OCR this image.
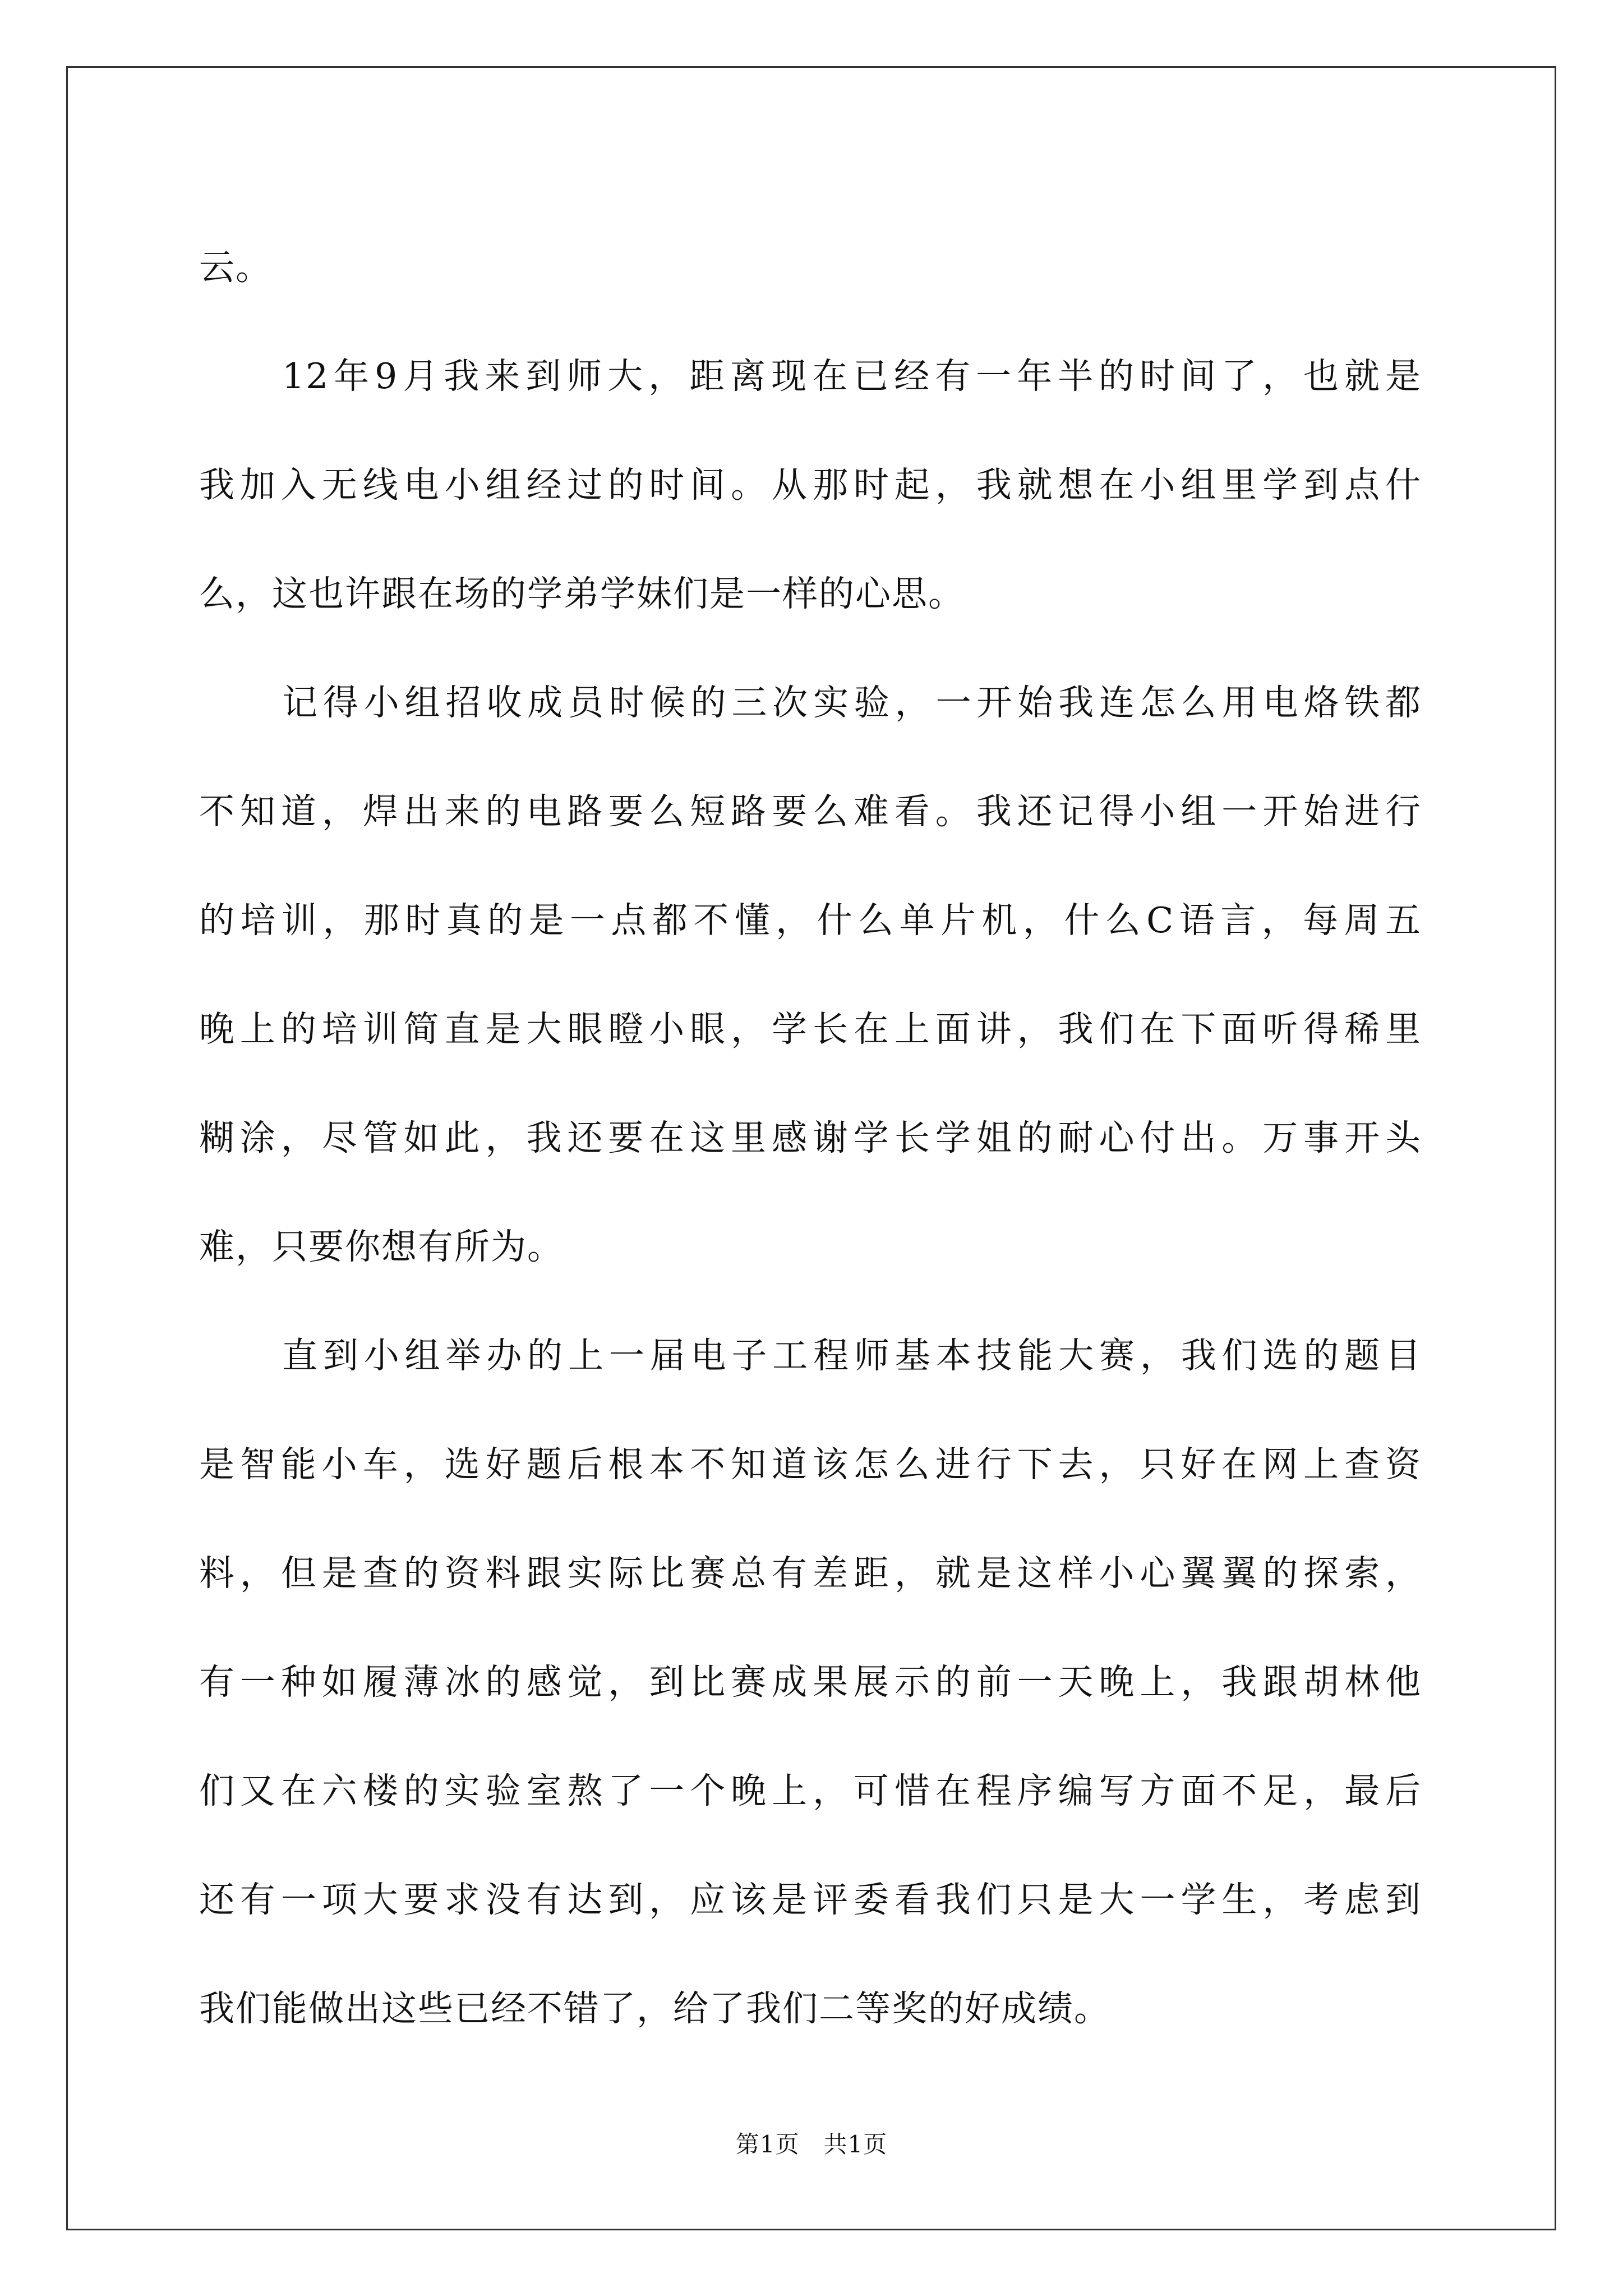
云。
12年9月我来到师大，距离现在已经有一年半的时间了，也就是
我加入无线电小组经过的时间。从那时起，我就想在小组里学到点什
么，这也许跟在场的学弟学妹们是一样的心思。
记得小组招收成员时候的三次实验，一开始我连怎么用电烙铁都
不知道，焊出来的电路要么短路要么难看。我还记得小组一开始进行
的培训，那时真的是一点都不懂，什么单片机，什么C语言，每周五
晚上的培训简直是大眼瞪小眼，学长在上面讲，我们在下面听得稀里
糊涂，尽管如此，我还要在这里感谢学长学姐的耐心付出。万事开头
难，只要你想有所为。
直到小组举办的上一届电子工程师基本技能大赛，我们选的题目
是智能小车，选好题后根本不知道该怎么进行下去，只好在网上查资
料，但是查的资料跟实际比赛总有差距，就是这样小心翼翼的探索，
有一种如履薄冰的感觉，到比赛成果展示的前一天晚上，我跟胡林他
们又在六楼的实验室熬了一个晚上，可惜在程序编写方面不足，最后
还有一项大要求没有达到，应该是评委看我们只是大一学生，考虑到
我们能做出这些已经不错了，给了我们二等奖的好成绩。
第1页 共1页
